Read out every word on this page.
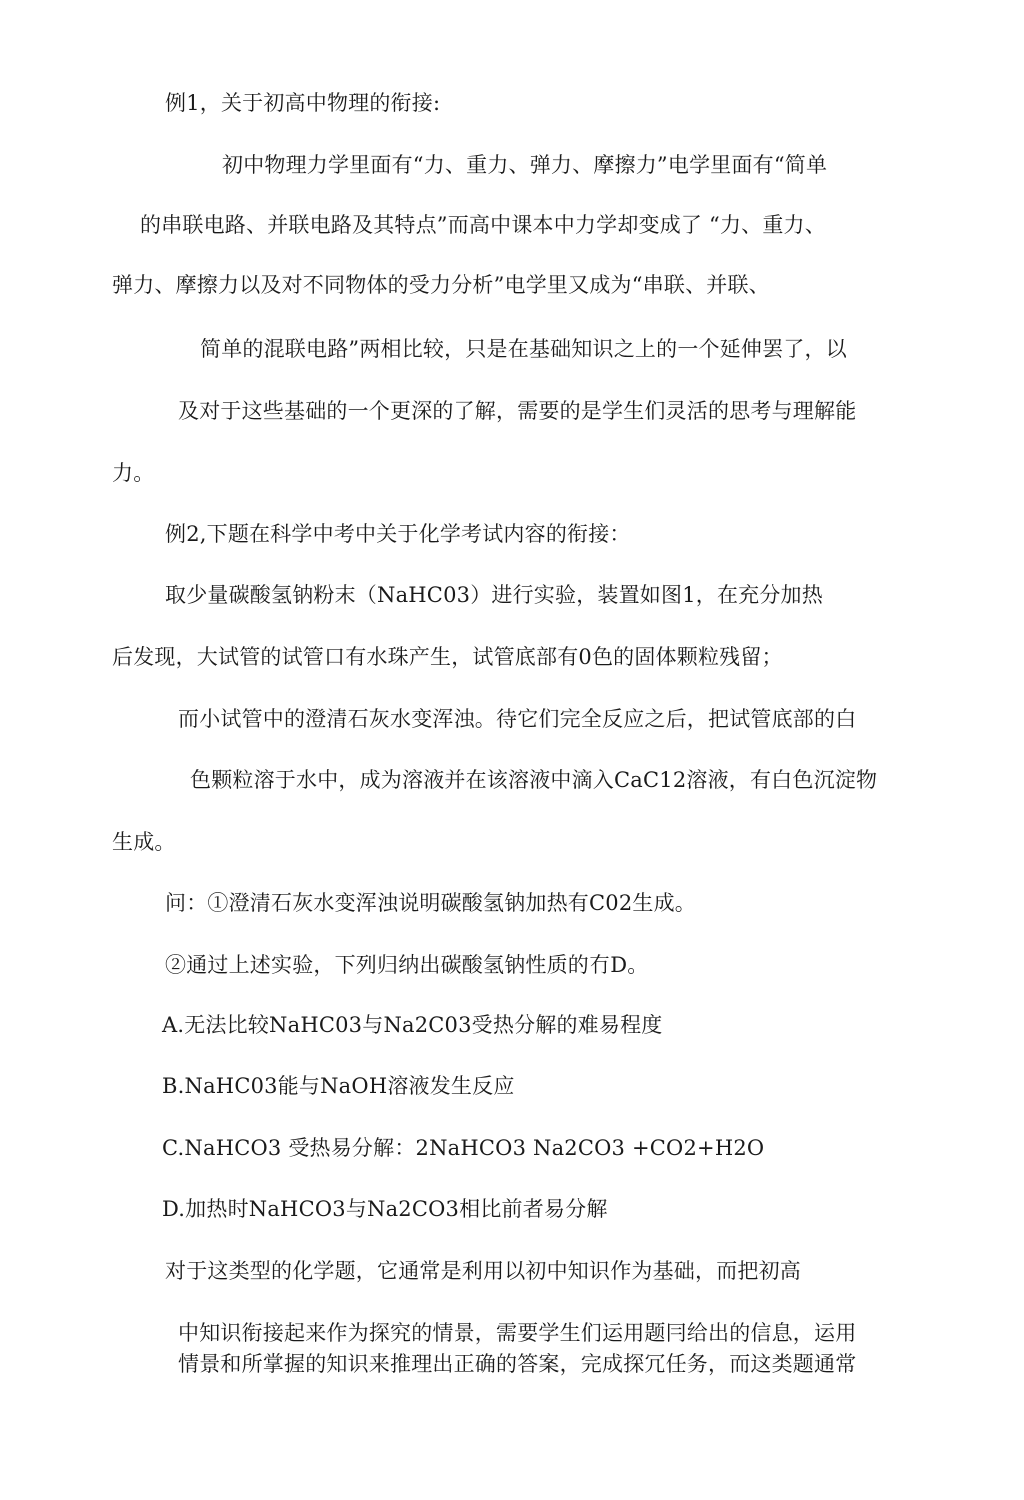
例1，关于初高中物理的衔接:
初中物理力学里面有“力、重力、弹力、摩擦力”电学里面有“简单
的串联电路、并联电路及其特点”而高中课本中力学却变成了 “力、重力、
弹力、摩擦力以及对不同物体的受力分析”电学里又成为“串联、并联、
简单的混联电路”两相比较，只是在基础知识之上的一个延伸罢了，以
及对于这些基础的一个更深的了解，需要的是学生们灵活的思考与理解能
力。
例2,下题在科学中考中关于化学考试内容的衔接：
取少量碳酸氢钠粉末（NaHC03）进行实验，装置如图1，在充分加热
后发现，大试管的试管口有水珠产生，试管底部有0色的固体颗粒残留；
而小试管中的澄清石灰水变浑浊。待它们完全反应之后，把试管底部的白
色颗粒溶于水中，成为溶液并在该溶液中滴入CaC12溶液，有白色沉淀物
生成。
问：①澄清石灰水变浑浊说明碳酸氢钠加热有C02生成。
②通过上述实验，下列归纳出碳酸氢钠性质的冇D。
A.无法比较NaHC03与Na2C03受热分解的难易程度
B.NaHC03能与NaOH溶液发生反应
C.NaHCO3 受热易分解：2NaHCO3 Na2CO3 +CO2+H2O
D.加热时NaHCO3与Na2CO3相比前者易分解
对于这类型的化学题，它通常是利用以初中知识作为基础，而把初高
中知识衔接起来作为探究的情景，需要学生们运用题冃给出的信息，运用
情景和所掌握的知识来推理出正确的答案，完成探冗任务，而这类题通常
